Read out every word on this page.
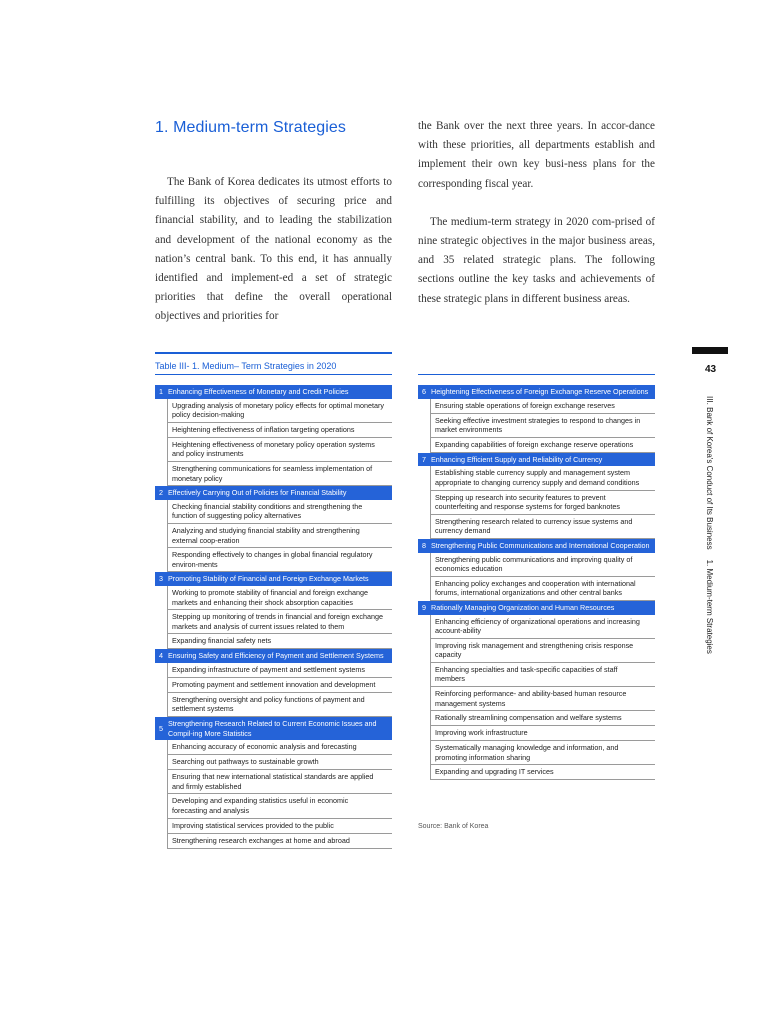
1. Medium-term Strategies

The Bank of Korea dedicates its utmost efforts to fulfilling its objectives of securing price and financial stability, and to leading the stabilization and development of the national economy as the nation’s central bank. To this end, it has annually identified and implement-ed a set of strategic priorities that define the overall operational objectives and priorities for

the Bank over the next three years. In accor-dance with these priorities, all departments establish and implement their own key busi-ness plans for the corresponding fiscal year.

The medium-term strategy in 2020 com-prised of nine strategic objectives in the major business areas, and 35 related strategic plans. The following sections outline the key tasks and achievements of these strategic plans in different business areas.

Table III- 1. Medium– Term Strategies in 2020
1 Enhancing Effectiveness of Monetary and Credit Policies
Upgrading analysis of monetary policy effects for optimal monetary policy decision-making
Heightening effectiveness of inflation targeting operations
Heightening effectiveness of monetary policy operation systems and policy instruments
Strengthening communications for seamless implementation of monetary policy
2 Effectively Carrying Out of Policies for Financial Stability
Checking financial stability conditions and strengthening the function of suggesting policy alternatives
Analyzing and studying financial stability and strengthening external coop-eration
Responding effectively to changes in global financial regulatory environ-ments
3 Promoting Stability of Financial and Foreign Exchange Markets
Working to promote stability of financial and foreign exchange markets and enhancing their shock absorption capacities
Stepping up monitoring of trends in financial and foreign exchange markets and analysis of current issues related to them
Expanding financial safety nets
4 Ensuring Safety and Efficiency of Payment and Settlement Systems
Expanding infrastructure of payment and settlement systems
Promoting payment and settlement innovation and development
Strengthening oversight and policy functions of payment and settlement systems
5
Strengthening Research Related to Current Economic Issues and Compil-ing More Statistics
Enhancing accuracy of economic analysis and forecasting
Searching out pathways to sustainable growth
Ensuring that new international statistical standards are applied and firmly established
Developing and expanding statistics useful in economic forecasting and analysis
Improving statistical services provided to the public
Strengthening research exchanges at home and abroad
6 Heightening Effectiveness of Foreign Exchange Reserve Operations
Ensuring stable operations of foreign exchange reserves
Seeking effective investment strategies to respond to changes in market environments
Expanding capabilities of foreign exchange reserve operations
7 Enhancing Efficient Supply and Reliability of Currency
Establishing stable currency supply and management system appropriate to changing currency supply and demand conditions
Stepping up research into security features to prevent counterfeiting and response systems for forged banknotes
Strengthening research related to currency issue systems and currency demand
8 Strengthening Public Communications and International Cooperation
Strengthening public communications and improving quality of economics education
Enhancing policy exchanges and cooperation with international forums, international organizations and other central banks
9 Rationally Managing Organization and Human Resources
Enhancing efficiency of organizational operations and increasing account-ability
Improving risk management and strengthening crisis response capacity
Enhancing specialties and task-specific capacities of staff members
Reinforcing performance- and ability-based human resource management systems
Rationally streamlining compensation and welfare systems
Improving work infrastructure
Systematically managing knowledge and information, and promoting information sharing
Expanding and upgrading IT services
Source: Bank of Korea
43
III. Bank of Korea's Conduct of Its Business1. Medium-term Strategies
